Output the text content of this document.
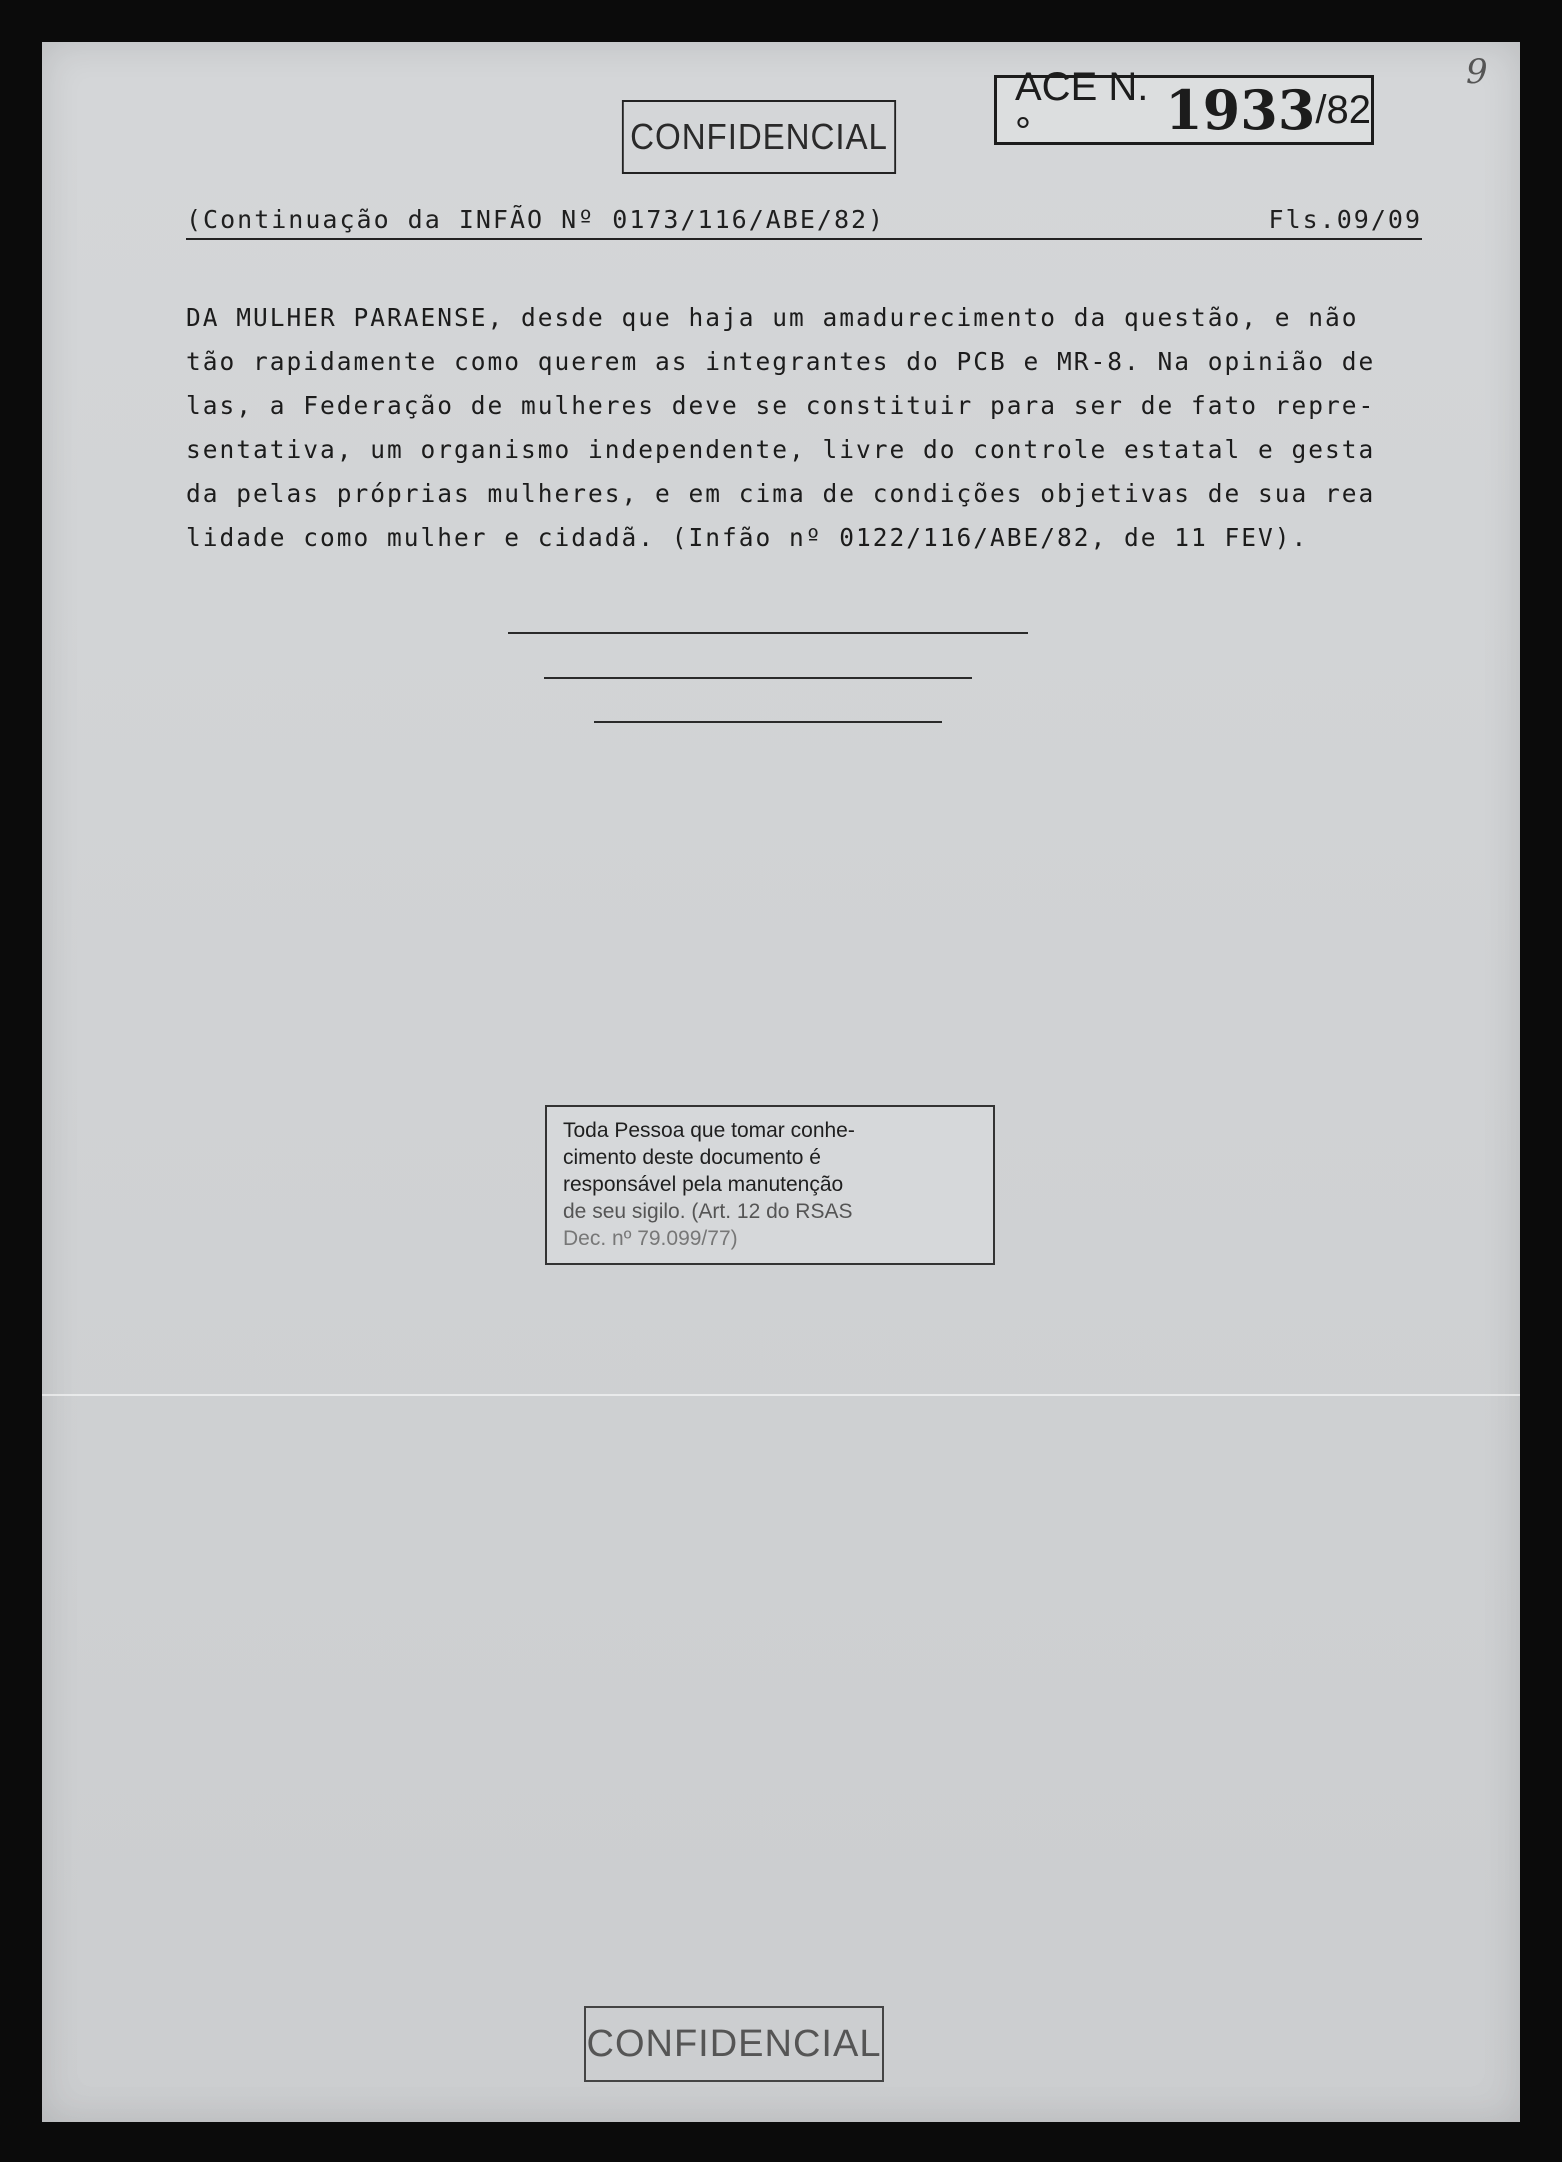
CONFIDENCIAL
ACE N.°	1933 /82
9
(Continuação da INFÃO Nº 0173/116/ABE/82)	Fls.09/09

DA MULHER PARAENSE, desde que haja um amadurecimento da questão, e não

tão rapidamente como querem as integrantes do PCB e MR-8. Na opinião de

las, a Federação de mulheres deve se constituir para ser de fato repre-

sentativa, um organismo independente, livre do controle estatal e gesta

da pelas próprias mulheres, e em cima de condições objetivas de sua rea

lidade como mulher e cidadã. (Infão nº 0122/116/ABE/82, de 11 FEV).

Toda Pessoa que tomar conhe-

cimento deste documento é

responsável pela manutenção

de seu sigilo. (Art. 12 do RSAS

Dec. nº 79.099/77)

CONFIDENCIAL
